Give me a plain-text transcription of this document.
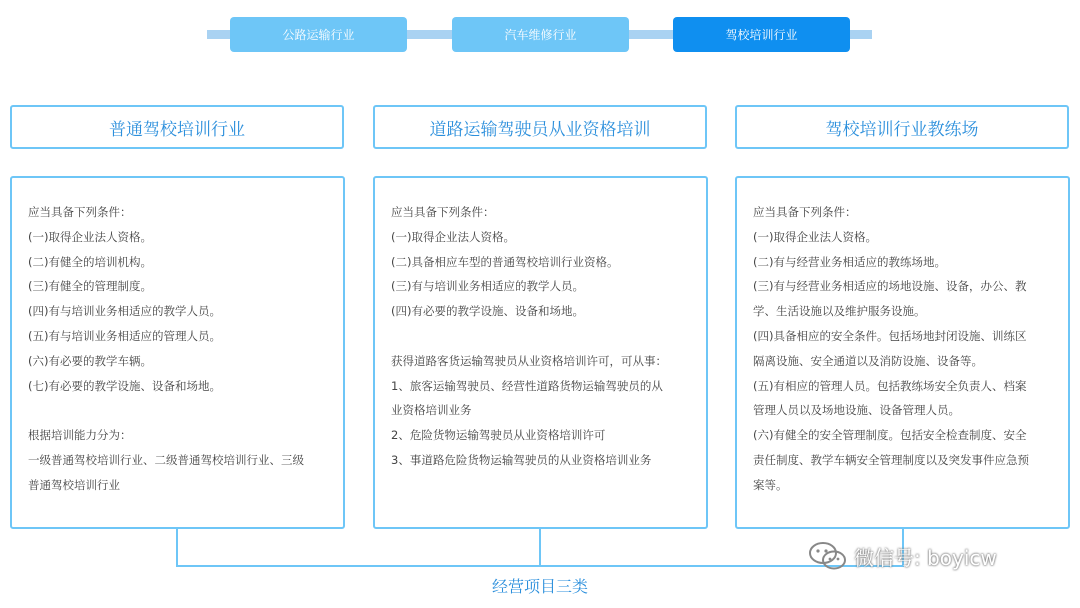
公路运输行业	汽车维修行业	驾校培训行业
普通驾校培训行业	道路运输驾驶员从业资格培训	驾校培训行业教练场
应当具备下列条件：
(一)取得企业法人资格。
(二)有健全的培训机构。
(三)有健全的管理制度。
(四)有与培训业务相适应的教学人员。
(五)有与培训业务相适应的管理人员。
(六)有必要的教学车辆。
(七)有必要的教学设施、设备和场地。
根据培训能力分为：
一级普通驾校培训行业、二级普通驾校培训行业、三级
普通驾校培训行业
应当具备下列条件：
(一)取得企业法人资格。
(二)具备相应车型的普通驾校培训行业资格。
(三)有与培训业务相适应的教学人员。
(四)有必要的教学设施、设备和场地。
获得道路客货运输驾驶员从业资格培训许可，可从事：
1、旅客运输驾驶员、经营性道路货物运输驾驶员的从
业资格培训业务
2、危险货物运输驾驶员从业资格培训许可
3、事道路危险货物运输驾驶员的从业资格培训业务
应当具备下列条件：
(一)取得企业法人资格。
(二)有与经营业务相适应的教练场地。
(三)有与经营业务相适应的场地设施、设备，办公、教
学、生活设施以及维护服务设施。
(四)具备相应的安全条件。包括场地封闭设施、训练区
隔离设施、安全通道以及消防设施、设备等。
(五)有相应的管理人员。包括教练场安全负责人、档案
管理人员以及场地设施、设备管理人员。
(六)有健全的安全管理制度。包括安全检查制度、安全
责任制度、教学车辆安全管理制度以及突发事件应急预
案等。
经营项目三类
微信号: boyicw
